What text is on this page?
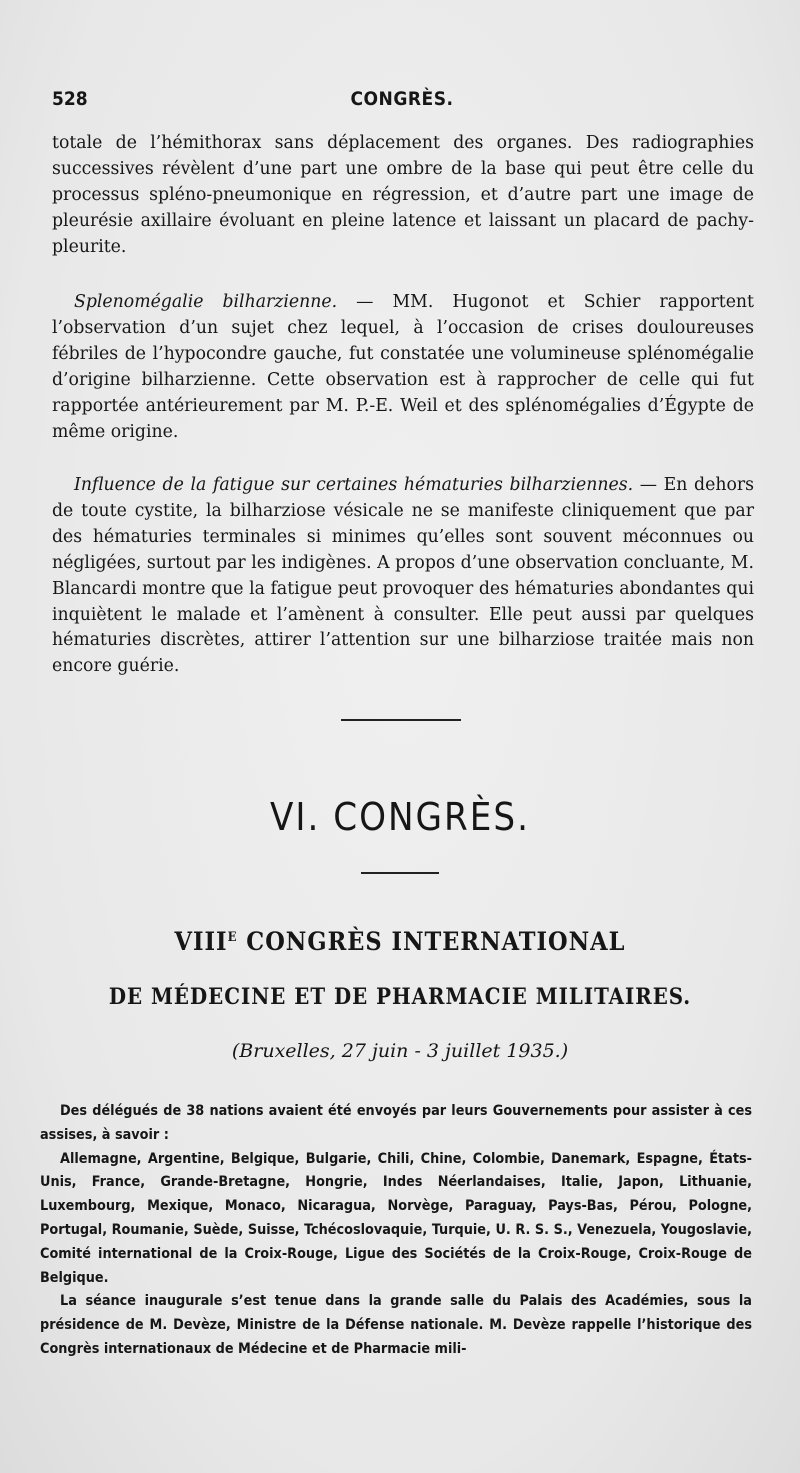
528	CONGRÈS.

totale de l’hémithorax sans déplacement des organes. Des radiographies successives révèlent d’une part une ombre de la base qui peut être celle du processus spléno-pneumonique en régression, et d’autre part une image de pleurésie axillaire évoluant en pleine latence et laissant un placard de pachy-pleurite.

Splenomégalie bilharzienne. — MM. Hugonot et Schier rapportent l’observation d’un sujet chez lequel, à l’occasion de crises douloureuses fébriles de l’hypocondre gauche, fut constatée une volumineuse splénomégalie d’origine bilharzienne. Cette observation est à rapprocher de celle qui fut rapportée antérieurement par M. P.-E. Weil et des splénomégalies d’Égypte de même origine.

Influence de la fatigue sur certaines hématuries bilharziennes. — En dehors de toute cystite, la bilharziose vésicale ne se manifeste cliniquement que par des hématuries terminales si minimes qu’elles sont souvent méconnues ou négligées, surtout par les indigènes. A propos d’une observation concluante, M. Blancardi montre que la fatigue peut provoquer des hématuries abondantes qui inquiètent le malade et l’amènent à consulter. Elle peut aussi par quelques hématuries discrètes, attirer l’attention sur une bilharziose traitée mais non encore guérie.

VI. CONGRÈS.
$VIII^E$ CONGRÈS INTERNATIONAL
DE MÉDECINE ET DE PHARMACIE MILITAIRES.
(Bruxelles, 27 juin - 3 juillet 1935.)

Des délégués de 38 nations avaient été envoyés par leurs Gouvernements pour assister à ces assises, à savoir :

Allemagne, Argentine, Belgique, Bulgarie, Chili, Chine, Colombie, Danemark, Espagne, États-Unis, France, Grande-Bretagne, Hongrie, Indes Néerlandaises, Italie, Japon, Lithuanie, Luxembourg, Mexique, Monaco, Nicaragua, Norvège, Paraguay, Pays-Bas, Pérou, Pologne, Portugal, Roumanie, Suède, Suisse, Tchécoslovaquie, Turquie, U. R. S. S., Venezuela, Yougoslavie, Comité international de la Croix-Rouge, Ligue des Sociétés de la Croix-Rouge, Croix-Rouge de Belgique.

La séance inaugurale s’est tenue dans la grande salle du Palais des Académies, sous la présidence de M. Devèze, Ministre de la Défense nationale. M. Devèze rappelle l’historique des Congrès internationaux de Médecine et de Pharmacie mili-
